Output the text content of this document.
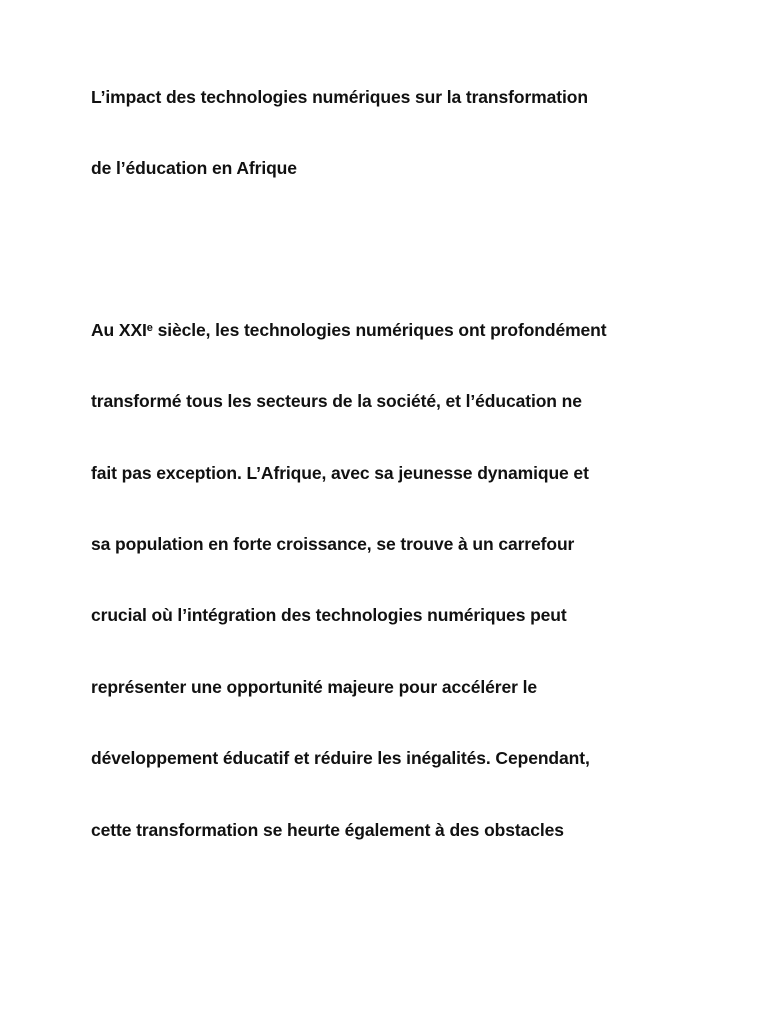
L’impact des technologies numériques sur la transformation

de l’éducation en Afrique

Au XXIe siècle, les technologies numériques ont profondément

transformé tous les secteurs de la société, et l’éducation ne

fait pas exception. L’Afrique, avec sa jeunesse dynamique et

sa population en forte croissance, se trouve à un carrefour

crucial où l’intégration des technologies numériques peut

représenter une opportunité majeure pour accélérer le

développement éducatif et réduire les inégalités. Cependant,

cette transformation se heurte également à des obstacles
